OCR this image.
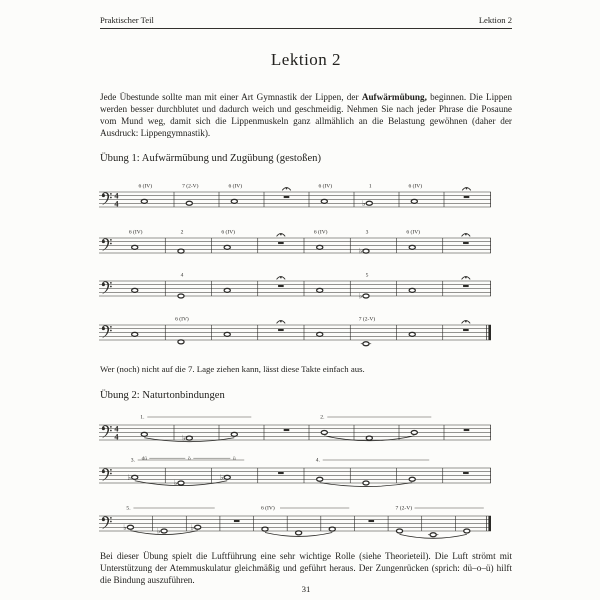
Praktischer Teil	Lektion 2
Lektion 2

Jede Übestunde sollte man mit einer Art Gymnastik der Lippen, der Aufwärmübung, beginnen. Die Lippen werden besser durchblutet und dadurch weich und geschmeidig. Nehmen Sie nach jeder Phrase die Posaune vom Mund weg, damit sich die Lippenmuskeln ganz allmählich an die Belastung gewöhnen (daher der Ausdruck: Lippengymnastik).

Übung 1: Aufwärmübung und Zugübung (gestoßen)
4
4
6 (IV)	7 (2-V)	6 (IV)	6 (IV)
♭
1	6 (IV)
6 (IV)	2	6 (IV)	6 (IV)
♭
3	6 (IV)
4
♭
5
6 (IV)	7 (2-V)

Wer (noch) nicht auf die 7. Lage ziehen kann, lässt diese Takte einfach aus.

Übung 2: Naturtonbindungen
4
4	♭
1.	2.
dü	ö	ü
♭
♭
♭
3.	4.
♭	♭	♭
5.	6 (IV)	7 (2-V)

Bei dieser Übung spielt die Luftführung eine sehr wichtige Rolle (siehe Theorieteil). Die Luft strömt mit Unterstützung der Atemmuskulatur gleichmäßig und geführt heraus. Der Zungenrücken (sprich: dü–o–ü) hilft die Bindung auszuführen.

31
